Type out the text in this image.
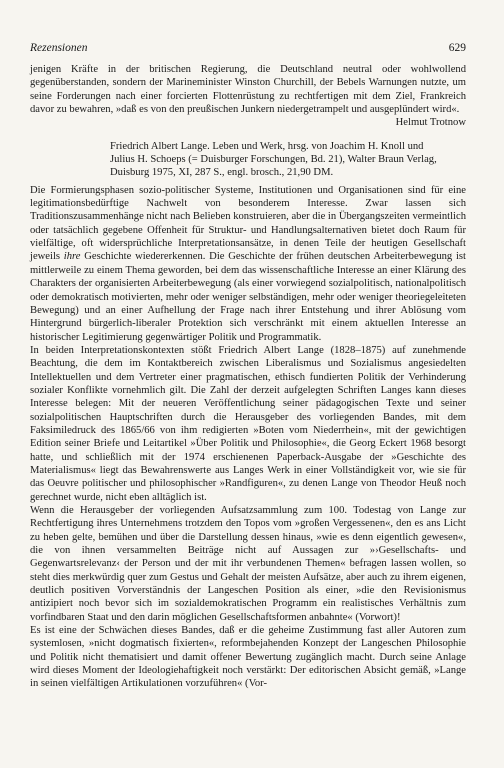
Rezensionen	629

jenigen Kräfte in der britischen Regierung, die Deutschland neutral oder wohlwollend gegenüberstanden, sondern der Marineminister Winston Churchill, der Bebels Warnungen nutzte, um seine Forderungen nach einer forcierten Flottenrüstung zu rechtfertigen mit dem Ziel, Frankreich davor zu bewahren, »daß es von den preußischen Junkern niedergetrampelt und ausgeplündert wird«.

Helmut Trotnow
Friedrich Albert Lange. Leben und Werk, hrsg. von Joachim H. Knoll und
Julius H. Schoeps (= Duisburger Forschungen, Bd. 21), Walter Braun Verlag,
Duisburg 1975, XI, 287 S., engl. brosch., 21,90 DM.

Die Formierungsphasen sozio-politischer Systeme, Institutionen und Organisationen sind für eine legitimationsbedürftige Nachwelt von besonderem Interesse. Zwar lassen sich Traditionszusammenhänge nicht nach Belieben konstruieren, aber die in Übergangszeiten vermeintlich oder tatsächlich gegebene Offenheit für Struktur- und Handlungsalternativen bietet doch Raum für vielfältige, oft widersprüchliche Interpretationsansätze, in denen Teile der heutigen Gesellschaft jeweils ihre Geschichte wiedererkennen. Die Geschichte der frühen deutschen Arbeiterbewegung ist mittlerweile zu einem Thema geworden, bei dem das wissenschaftliche Interesse an einer Klärung des Charakters der organisierten Arbeiterbewegung (als einer vorwiegend sozialpolitisch, nationalpolitisch oder demokratisch motivierten, mehr oder weniger selbständigen, mehr oder weniger theoriegeleiteten Bewegung) und an einer Aufhellung der Frage nach ihrer Entstehung und ihrer Ablösung vom Hintergrund bürgerlich-liberaler Protektion sich verschränkt mit einem aktuellen Interesse an historischer Legitimierung gegenwärtiger Politik und Programmatik.

In beiden Interpretationskontexten stößt Friedrich Albert Lange (1828–1875) auf zunehmende Beachtung, die dem im Kontaktbereich zwischen Liberalismus und Sozialismus angesiedelten Intellektuellen und dem Vertreter einer pragmatischen, ethisch fundierten Politik der Verhinderung sozialer Konflikte vornehmlich gilt. Die Zahl der derzeit aufgelegten Schriften Langes kann dieses Interesse belegen: Mit der neueren Veröffentlichung seiner pädagogischen Texte und seiner sozialpolitischen Hauptschriften durch die Herausgeber des vorliegenden Bandes, mit dem Faksimiledruck des 1865/66 von ihm redigierten »Boten vom Niederrhein«, mit der gewichtigen Edition seiner Briefe und Leitartikel »Über Politik und Philosophie«, die Georg Eckert 1968 besorgt hatte, und schließlich mit der 1974 erschienenen Paperback-Ausgabe der »Geschichte des Materialismus« liegt das Bewahrenswerte aus Langes Werk in einer Vollständigkeit vor, wie sie für das Oeuvre politischer und philosophischer »Randfiguren«, zu denen Lange von Theodor Heuß noch gerechnet wurde, nicht eben alltäglich ist.

Wenn die Herausgeber der vorliegenden Aufsatzsammlung zum 100. Todestag von Lange zur Rechtfertigung ihres Unternehmens trotzdem den Topos vom »großen Vergessenen«, den es ans Licht zu heben gelte, bemühen und über die Darstellung dessen hinaus, »wie es denn eigentlich gewesen«, die von ihnen versammelten Beiträge nicht auf Aussagen zur »›Gesellschafts- und Gegenwartsrelevanz‹ der Person und der mit ihr verbundenen Themen« befragen lassen wollen, so steht dies merkwürdig quer zum Gestus und Gehalt der meisten Aufsätze, aber auch zu ihrem eigenen, deutlich positiven Vorverständnis der Langeschen Position als einer, »die den Revisionismus antizipiert noch bevor sich im sozialdemokratischen Programm ein realistisches Verhältnis zum vorfindbaren Staat und den darin möglichen Gesellschaftsformen anbahnte« (Vorwort)!

Es ist eine der Schwächen dieses Bandes, daß er die geheime Zustimmung fast aller Autoren zum systemlosen, »nicht dogmatisch fixierten«, reformbejahenden Konzept der Langeschen Philosophie und Politik nicht thematisiert und damit offener Bewertung zugänglich macht. Durch seine Anlage wird dieses Moment der Ideologiehaftigkeit noch verstärkt: Der editorischen Absicht gemäß, »Lange in seinen vielfältigen Artikulationen vorzuführen« (Vor-
